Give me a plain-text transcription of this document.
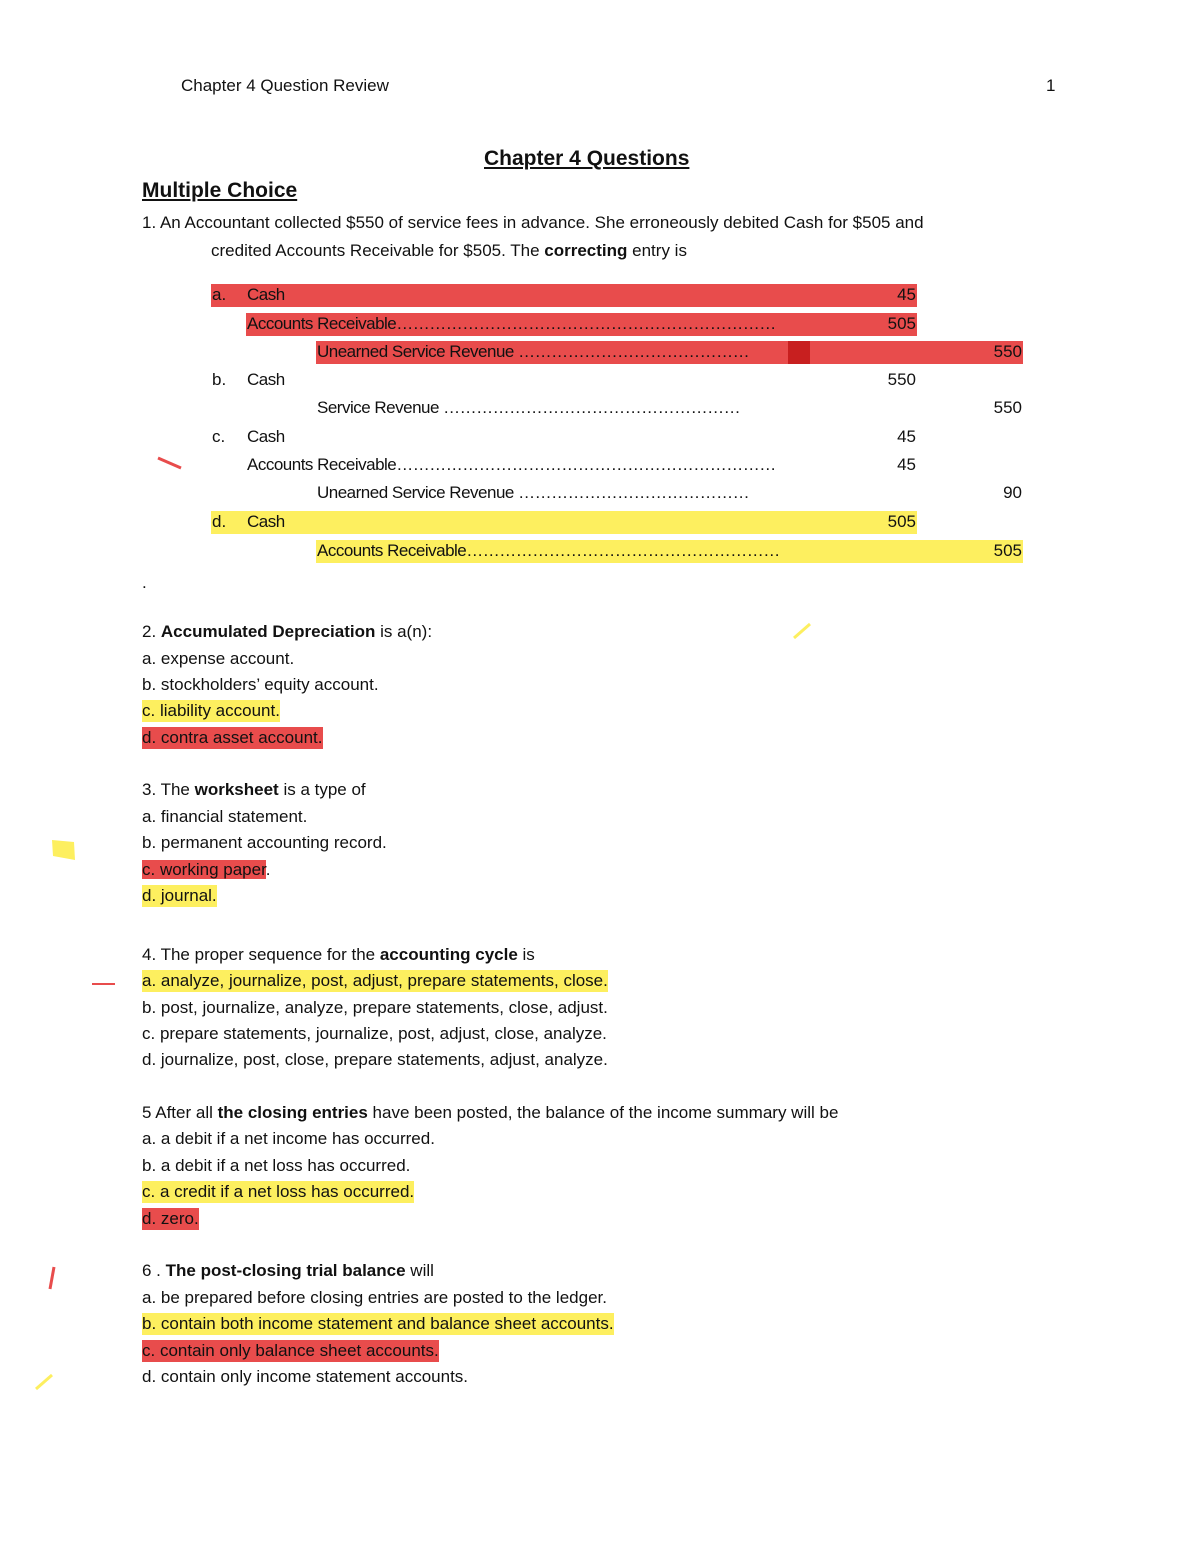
Chapter 4 Question Review	1
Chapter 4 Questions
Multiple Choice
1. An Accountant collected $550 of service fees in advance. She erroneously debited Cash for $505 and
credited Accounts Receivable for $505. The correcting entry is
a. Cash	45
Accounts Receivable……………………………………………………………	505
Unearned Service Revenue ……………………………………	550
b. Cash	550
Service Revenue ………………………………………………	550
c. Cash	45
Accounts Receivable……………………………………………………………	45
Unearned Service Revenue ……………………………………	90
d. Cash	505
Accounts Receivable…………………………………………………	505
.
2. Accumulated Depreciation is a(n):
a. expense account.
b. stockholders’ equity account.
c. liability account.
d. contra asset account.
3. The worksheet is a type of
a. financial statement.
b. permanent accounting record.
c. working paper.
d. journal.
4. The proper sequence for the accounting cycle is
a. analyze, journalize, post, adjust, prepare statements, close.
b. post, journalize, analyze, prepare statements, close, adjust.
c. prepare statements, journalize, post, adjust, close, analyze.
d. journalize, post, close, prepare statements, adjust, analyze.
5 After all the closing entries have been posted, the balance of the income summary will be
a. a debit if a net income has occurred.
b. a debit if a net loss has occurred.
c. a credit if a net loss has occurred.
d. zero.
6 . The post-closing trial balance will
a. be prepared before closing entries are posted to the ledger.
b. contain both income statement and balance sheet accounts.
c. contain only balance sheet accounts.
d. contain only income statement accounts.
